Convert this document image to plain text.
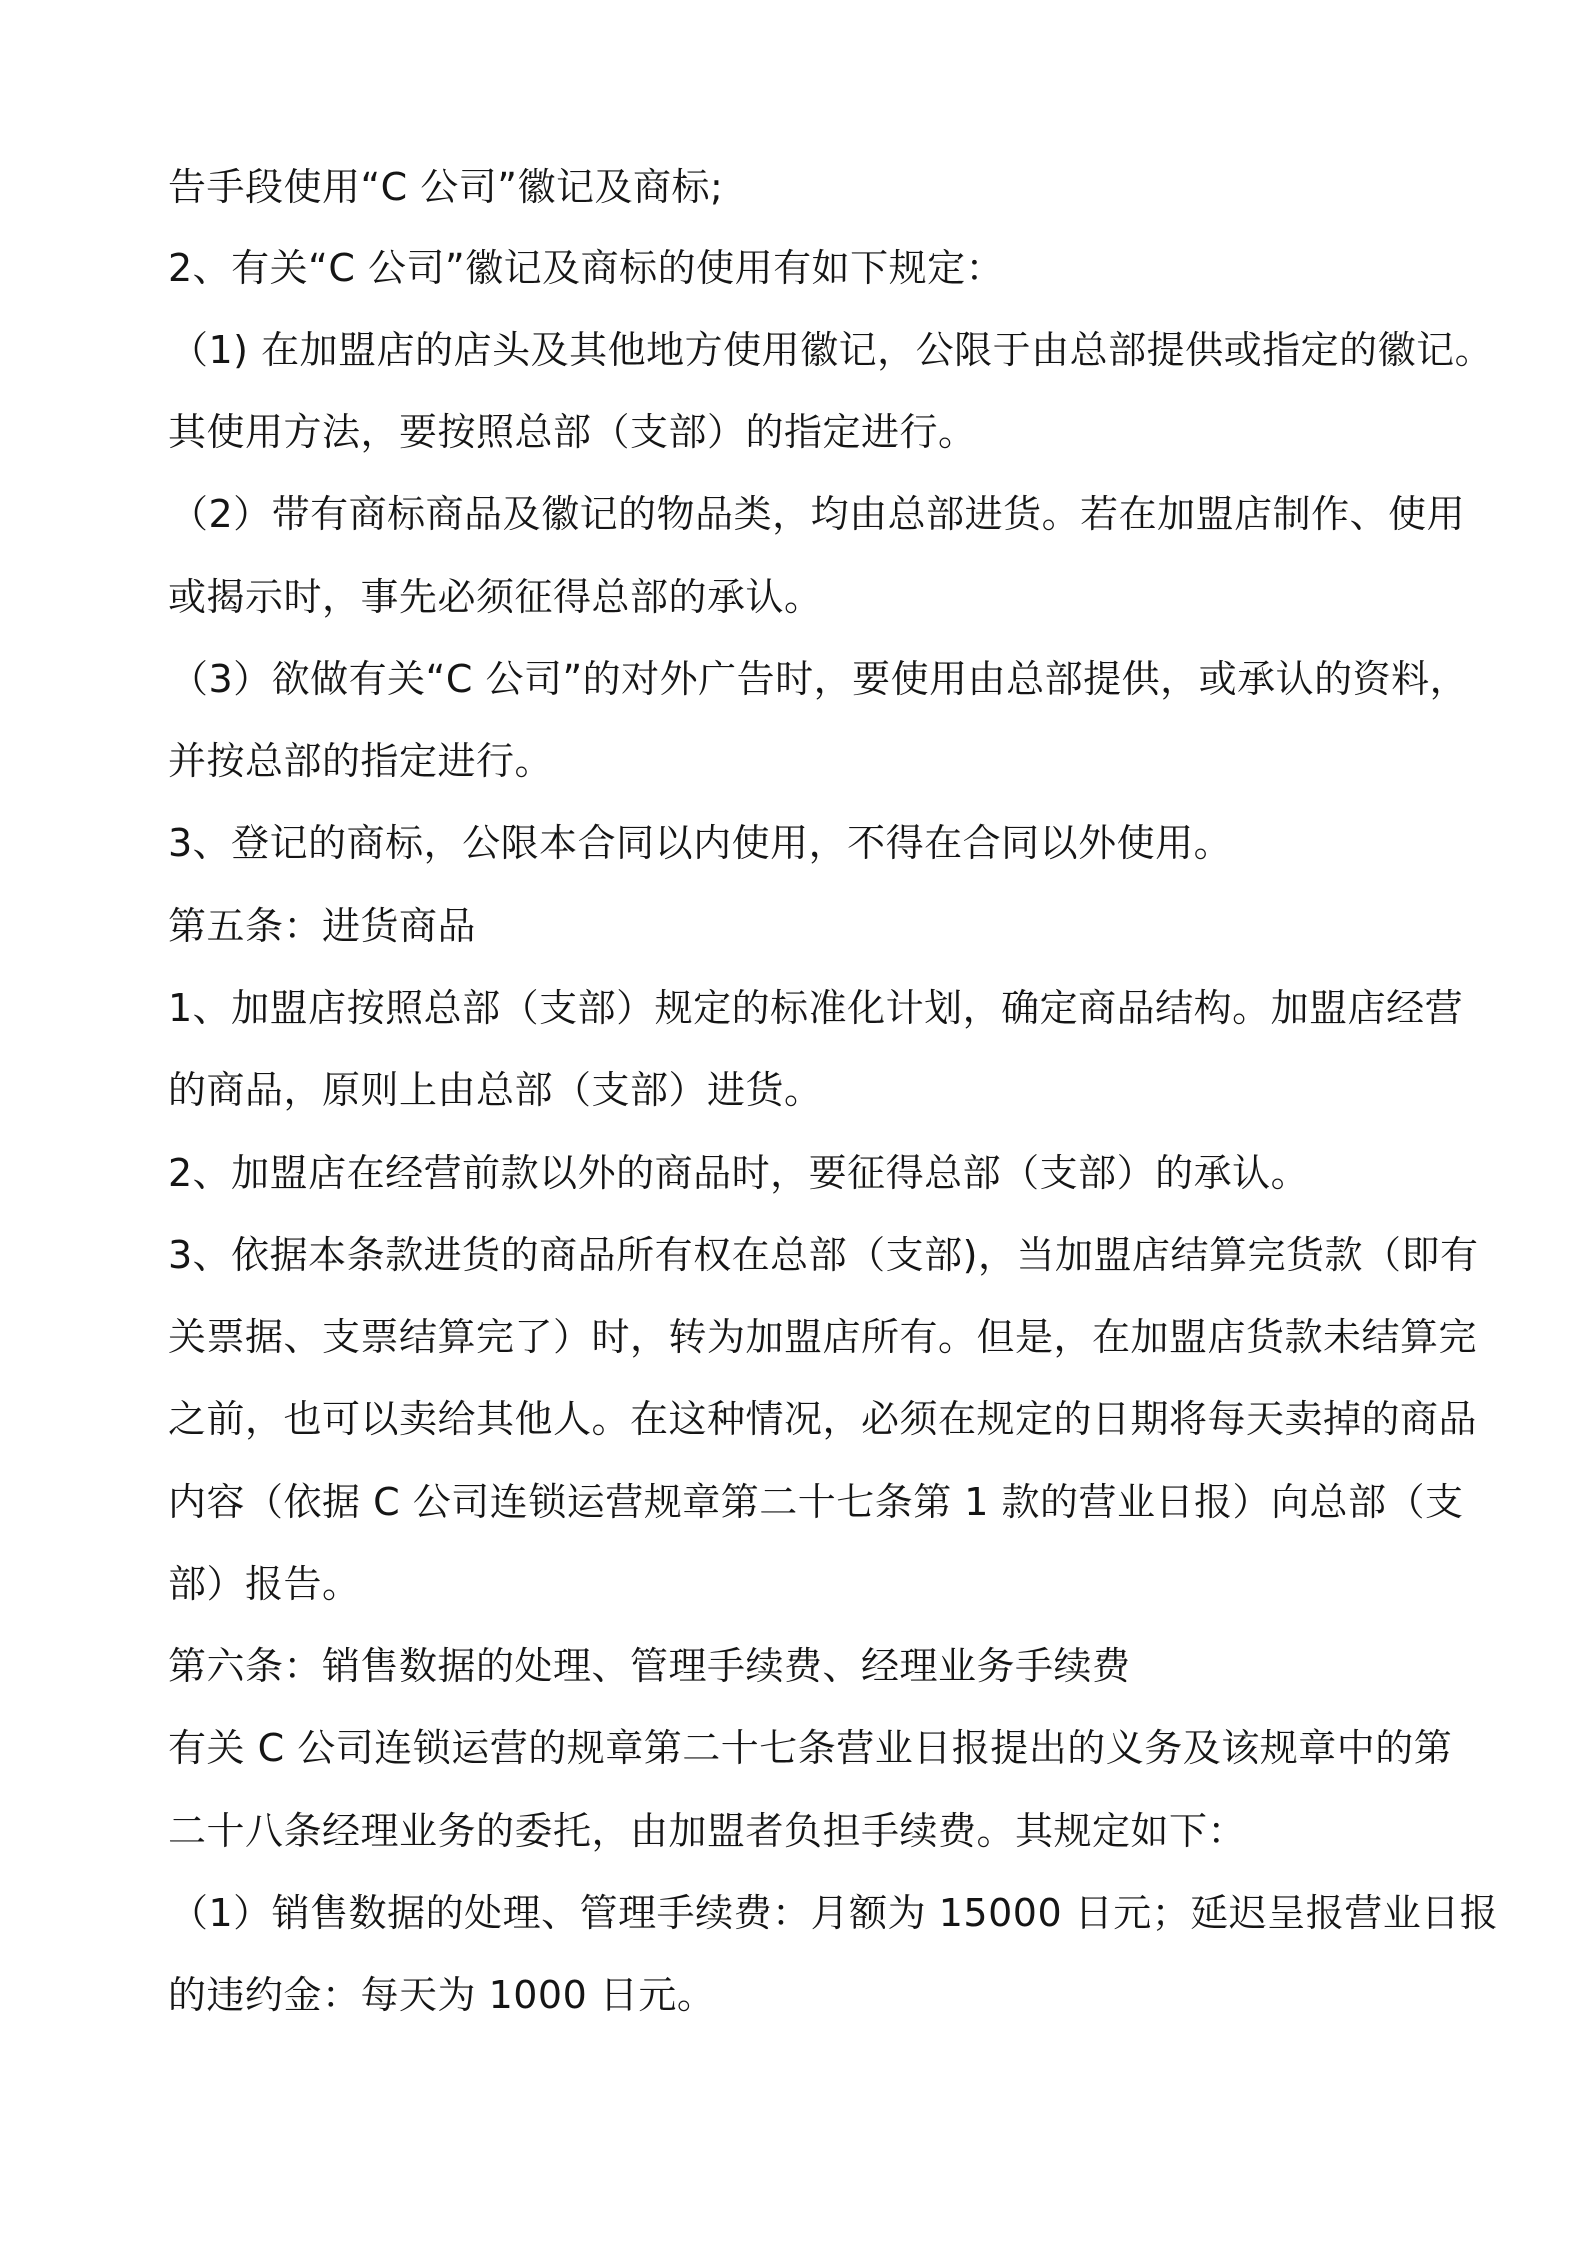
告手段使用“C 公司”徽记及商标;
2、有关“C 公司”徽记及商标的使用有如下规定：
（1) 在加盟店的店头及其他地方使用徽记，公限于由总部提供或指定的徽记。
其使用方法，要按照总部（支部）的指定进行。
（2）带有商标商品及徽记的物品类，均由总部进货。若在加盟店制作、使用
或揭示时，事先必须征得总部的承认。
（3）欲做有关“C 公司”的对外广告时，要使用由总部提供，或承认的资料，
并按总部的指定进行。
3、登记的商标，公限本合同以内使用，不得在合同以外使用。
第五条：进货商品
1、加盟店按照总部（支部）规定的标准化计划，确定商品结构。加盟店经营
的商品，原则上由总部（支部）进货。
2、加盟店在经营前款以外的商品时，要征得总部（支部）的承认。
3、依据本条款进货的商品所有权在总部（支部)，当加盟店结算完货款（即有
关票据、支票结算完了）时，转为加盟店所有。但是，在加盟店货款未结算完
之前，也可以卖给其他人。在这种情况，必须在规定的日期将每天卖掉的商品
内容（依据 C 公司连锁运营规章第二十七条第 1 款的营业日报）向总部（支
部）报告。
第六条：销售数据的处理、管理手续费、经理业务手续费
有关 C 公司连锁运营的规章第二十七条营业日报提出的义务及该规章中的第
二十八条经理业务的委托，由加盟者负担手续费。其规定如下：
（1）销售数据的处理、管理手续费：月额为 15000 日元；延迟呈报营业日报
的违约金：每天为 1000 日元。
